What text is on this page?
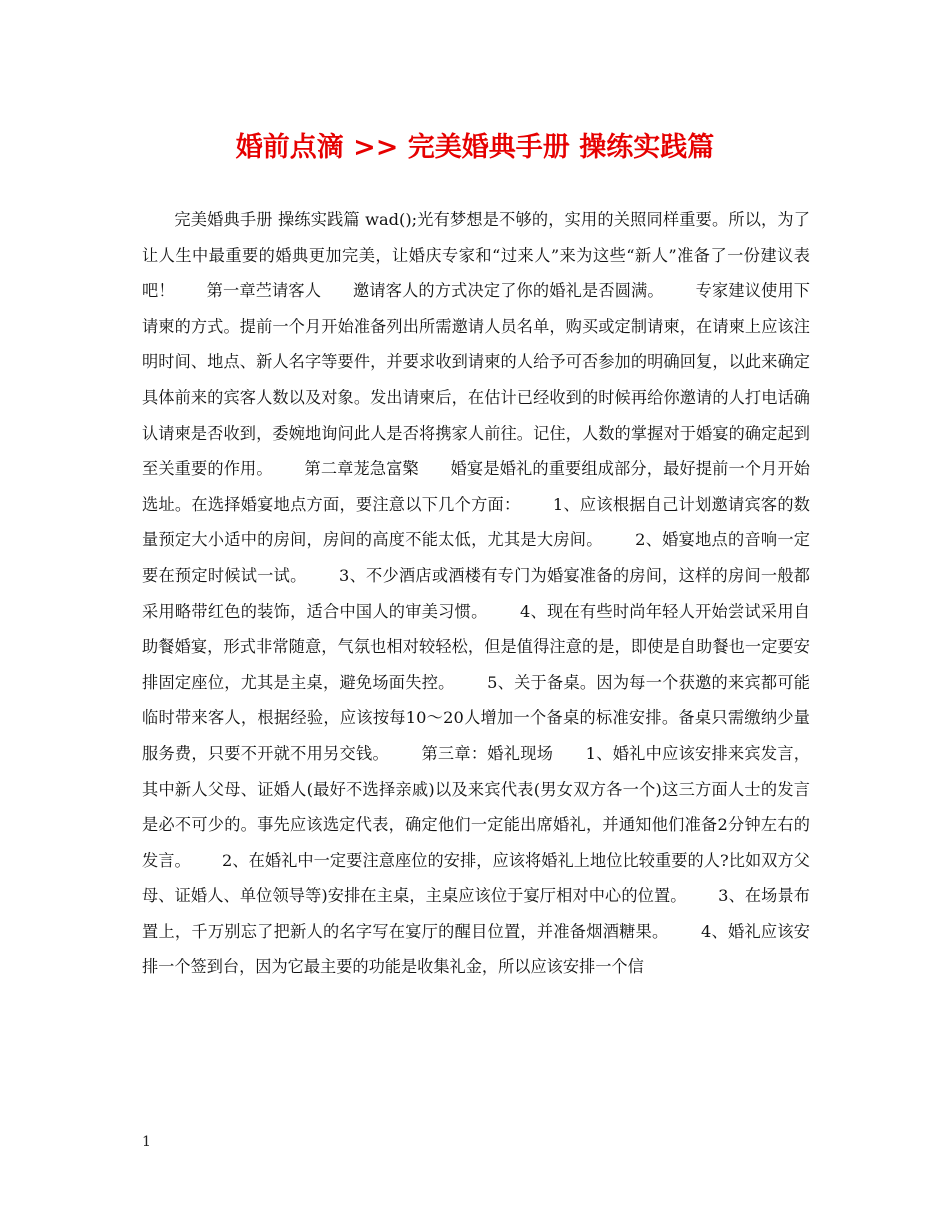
婚前点滴 >> 完美婚典手册 操练实践篇

完美婚典手册 操练实践篇 wad();光有梦想是不够的，实用的关照同样重要。所以，为了让人生中最重要的婚典更加完美，让婚庆专家和“过来人”来为这些“新人”准备了一份建议表吧！      第一章苎请客人      邀请客人的方式决定了你的婚礼是否圆满。      专家建议使用下请柬的方式。提前一个月开始准备列出所需邀请人员名单，购买或定制请柬，在请柬上应该注明时间、地点、新人名字等要件，并要求收到请柬的人给予可否参加的明确回复，以此来确定具体前来的宾客人数以及对象。发出请柬后，在估计已经收到的时候再给你邀请的人打电话确认请柬是否收到，委婉地询问此人是否将携家人前往。记住，人数的掌握对于婚宴的确定起到至关重要的作用。      第二章茏急富檠      婚宴是婚礼的重要组成部分，最好提前一个月开始选址。在选择婚宴地点方面，要注意以下几个方面：      1、应该根据自己计划邀请宾客的数量预定大小适中的房间，房间的高度不能太低，尤其是大房间。      2、婚宴地点的音响一定要在预定时候试一试。      3、不少酒店或酒楼有专门为婚宴准备的房间，这样的房间一般都采用略带红色的装饰，适合中国人的审美习惯。      4、现在有些时尚年轻人开始尝试采用自助餐婚宴，形式非常随意，气氛也相对较轻松，但是值得注意的是，即使是自助餐也一定要安排固定座位，尤其是主桌，避免场面失控。      5、关于备桌。因为每一个获邀的来宾都可能临时带来客人，根据经验，应该按每10～20人增加一个备桌的标准安排。备桌只需缴纳少量服务费，只要不开就不用另交钱。      第三章：婚礼现场      1、婚礼中应该安排来宾发言，其中新人父母、证婚人(最好不选择亲戚)以及来宾代表(男女双方各一个)这三方面人士的发言是必不可少的。事先应该选定代表，确定他们一定能出席婚礼，并通知他们准备2分钟左右的发言。      2、在婚礼中一定要注意座位的安排，应该将婚礼上地位比较重要的人?比如双方父母、证婚人、单位领导等)安排在主桌，主桌应该位于宴厅相对中心的位置。      3、在场景布置上，千万别忘了把新人的名字写在宴厅的醒目位置，并准备烟酒糖果。      4、婚礼应该安排一个签到台，因为它最主要的功能是收集礼金，所以应该安排一个信

1
